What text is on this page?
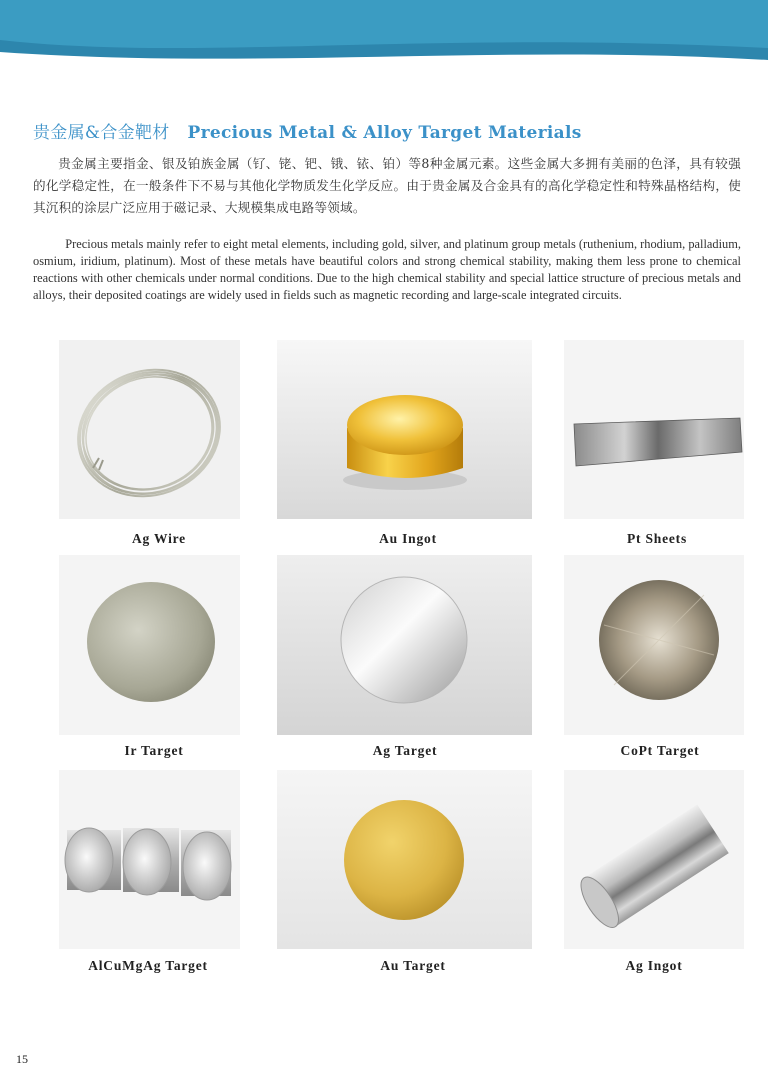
贵金属&合金靶材 Precious Metal & Alloy Target Materials
贵金属主要指金、银及铂族金属（钌、铑、钯、锇、铱、铂）等8种金属元素。这些金属大多拥有美丽的色泽，具有较强的化学稳定性，在一般条件下不易与其他化学物质发生化学反应。由于贵金属及合金具有的高化学稳定性和特殊晶格结构，使其沉积的涂层广泛应用于磁记录、大规模集成电路等领域。
Precious metals mainly refer to eight metal elements, including gold, silver, and platinum group metals (ruthenium, rhodium, palladium, osmium, iridium, platinum). Most of these metals have beautiful colors and strong chemical stability, making them less prone to chemical reactions with other chemicals under normal conditions. Due to the high chemical stability and special lattice structure of precious metals and alloys, their deposited coatings are widely used in fields such as magnetic recording and large-scale integrated circuits.
Ag Wire	Au Ingot	Pt Sheets
Ir Target	Ag Target	CoPt Target
AlCuMgAg Target	Au Target	Ag Ingot
15
